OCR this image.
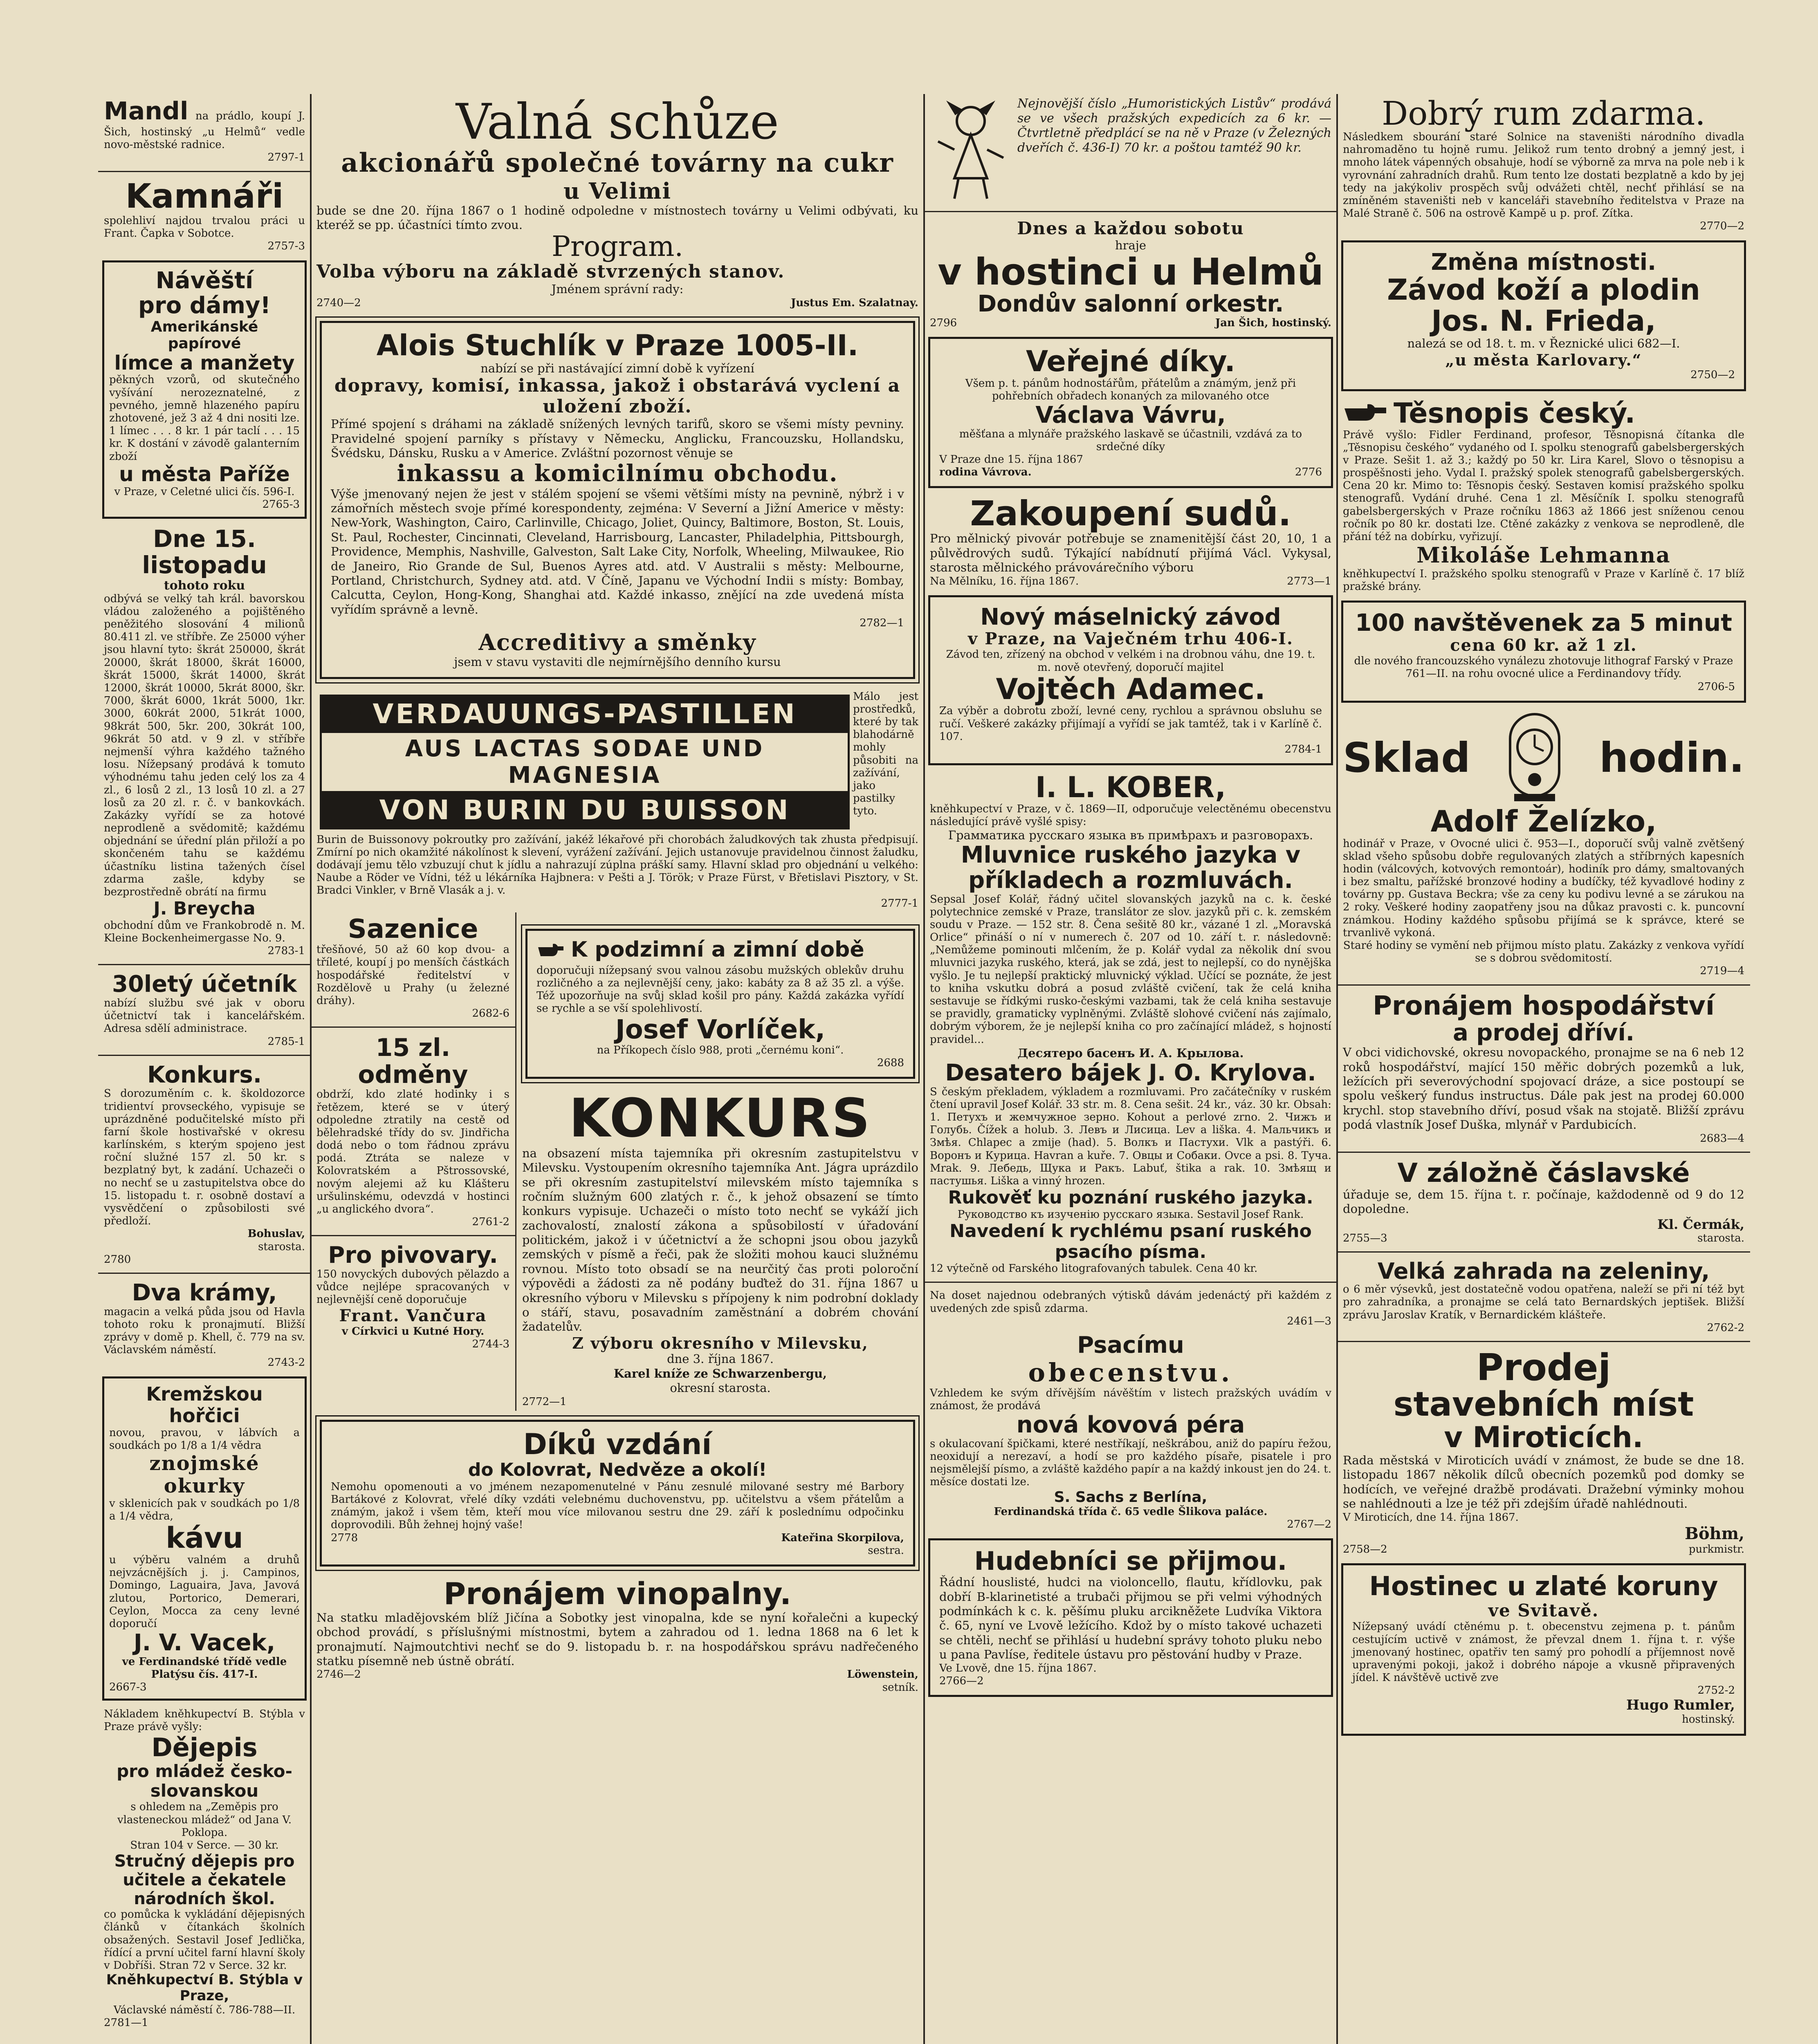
Mandl na prádlo, koupí J. Šich, hostinský „u Helmů“ vedle novo-městské radnice.
2797-1
Kamnáři
spolehliví najdou trvalou práci u Frant. Čapka v Sobotce.
2757-3
Návěští
pro dámy!
Amerikánské
papírové
límce a manžety
pěkných vzorů, od skutečného vyšívání nerozeznatelné, z pevného, jemně hlazeného papíru zhotovené, jež 3 až 4 dni nositi lze. 1 límec . . . 8 kr. 1 pár taclí . . . 15 kr. K dostání v závodě galanterním zboží
u města Paříže
v Praze, v Celetné ulici čís. 596-I.
2765-3
Dne 15. listopadu
tohoto roku
odbývá se velký tah král. bavorskou vládou založeného a pojištěného peněžitého slosování 4 milionů 80.411 zl. ve stříbře. Ze 25000 výher jsou hlavní tyto: škrát 250000, škrát 20000, škrát 18000, škrát 16000, škrát 15000, škrát 14000, škrát 12000, škrát 10000, 5krát 8000, škr. 7000, škrát 6000, 1krát 5000, 1kr. 3000, 60krát 2000, 51krát 1000, 98krát 500, 5kr. 200, 30krát 100, 96krát 50 atd. v 9 zl. v stříbře nejmenší výhra každého tažného losu. Nížepsaný prodává k tomuto výhodnému tahu jeden celý los za 4 zl., 6 losů 2 zl., 13 losů 10 zl. a 27 losů za 20 zl. r. č. v bankovkách. Zakázky vyřídí se za hotové neprodleně a svědomitě; každému objednání se úřední plán přiloží a po skončeném tahu se každému účastníku listina tažených čísel zdarma zašle, kdyby se bezprostředně obrátí na firmu
J. Breycha
obchodní dům ve Frankobrodě n. M. Kleine Bockenheimergasse No. 9.
2783-1
30letý účetník
nabízí službu své jak v oboru účetnictví tak i kancelářském. Adresa sdělí administrace.
2785-1
Konkurs.
S dorozuměním c. k. školdozorce tridientví provseckého, vypisuje se uprázdněné podučitelské místo při farní škole hostivařské v okresu karlínském, s kterým spojeno jest roční služné 157 zl. 50 kr. s bezplatný byt, k zadání. Uchazeči o no nechť se u zastupitelstva obce do 15. listopadu t. r. osobně dostaví a vysvědčení o způsobilosti své předloží.
Bohuslav,
starosta.
2780
Dva krámy,
magacin a velká půda jsou od Havla tohoto roku k pronajmutí. Bližší zprávy v domě p. Khell, č. 779 na sv. Václavském náměstí.
2743-2
Kremžskou hořčici
novou, pravou, v lábvích a soudkách po 1/8 a 1/4 vědra
znojmské okurky
v sklenicích pak v soudkách po 1/8 a 1/4 vědra,
kávu
u výběru valném a druhů nejvzácnějších j. j. Campinos, Domingo, Laguaira, Java, Javová zlutou, Portorico, Demerari, Ceylon, Mocca za ceny levné doporučí
J. V. Vacek,
ve Ferdinandské třídě vedle Platýsu čís. 417-I.
2667-3
Nákladem kněhkupectví B. Stýbla v Praze právě vyšly:
Dějepis
pro mládež česko-slovanskou
s ohledem na „Zeměpis pro vlasteneckou mládež“ od Jana V. Poklopa.
Stran 104 v Serce. — 30 kr.
Stručný dějepis pro učitele a čekatele národních škol.
co pomůcka k vykládání dějepisných článků v čítankách školních obsažených. Sestavil Josef Jedlička, řídící a první učitel farní hlavní školy v Dobříši. Stran 72 v Serce. 32 kr.
Kněhkupectví B. Stýbla v Praze,
Václavské náměstí č. 786-788—II.
2781—1
Valná schůze
akcionářů společné továrny na cukr
u Velimi
bude se dne 20. října 1867 o 1 hodině odpoledne v místnostech továrny u Velimi odbývati, ku kteréž se pp. účastníci tímto zvou.
Program.
Volba výboru na základě stvrzených stanov.
Jménem správní rady:
2740—2	Justus Em. Szalatnay.
Alois Stuchlík v Praze 1005-II.
nabízí se při nastávající zimní době k vyřízení
dopravy, komisí, inkassa, jakož i obstarává vyclení a uložení zboží.
Přímé spojení s dráhami na základě snížených levných tarifů, skoro se všemi místy pevniny. Pravidelné spojení parníky s přístavy v Německu, Anglicku, Francouzsku, Hollandsku, Švédsku, Dánsku, Rusku a v Americe. Zvláštní pozornost věnuje se
inkassu a komicilnímu obchodu.
Výše jmenovaný nejen že jest v stálém spojení se všemi většími místy na pevnině, nýbrž i v zámořních městech svoje přímé korespondenty, zejména: V Severní a Jižní Americe v městy: New-York, Washington, Cairo, Carlinville, Chicago, Joliet, Quincy, Baltimore, Boston, St. Louis, St. Paul, Rochester, Cincinnati, Cleveland, Harrisbourg, Lancaster, Philadelphia, Pittsbourgh, Providence, Memphis, Nashville, Galveston, Salt Lake City, Norfolk, Wheeling, Milwaukee, Rio de Janeiro, Rio Grande de Sul, Buenos Ayres atd. atd. V Australii s městy: Melbourne, Portland, Christchurch, Sydney atd. atd. V Číně, Japanu ve Východní Indii s místy: Bombay, Calcutta, Ceylon, Hong-Kong, Shanghai atd. Každé inkasso, znějící na zde uvedená místa vyřídím správně a levně.
2782—1
Accreditivy a směnky
jsem v stavu vystaviti dle nejmírnějšího denního kursu
VERDAUUNGS-PASTILLEN
AUS LACTAS SODAE UND MAGNESIA
VON BURIN DU BUISSON
Málo jest prostředků, které by tak blahodárně mohly působiti na zažívání, jako pastilky tyto.
Burin de Buissonovy pokroutky pro zažívání, jakéž lékařové při chorobách žaludkových tak zhusta předpisují. Zmírní po nich okamžité nákolínost k slevení, vyrážení zažívání. Jejich ustanovuje pravidelnou činnost žaludku, dodávají jemu tělo vzbuzují chut k jídlu a nahrazují zúplna práškí samy. Hlavní sklad pro objednání u velkého: Naube a Röder ve Vídni, též u lékárníka Hajbnera: v Pešti a J. Török; v Praze Fürst, v Břetislavi Pisztory, v St. Bradci Vinkler, v Brně Vlasák a j. v.
2777-1
Sazenice
třešňové, 50 až 60 kop dvou- a tříleté, koupí j po menších částkách hospodářské ředitelství v Rozdělově u Prahy (u železné dráhy).
2682-6
15 zl. odměny
obdrží, kdo zlaté hodinky i s řetězem, které se v úterý odpoledne ztratily na cestě od bělehradské třídy do sv. Jindřicha dodá nebo o tom řádnou zprávu podá. Ztráta se naleze v Kolovratském a Pštrossovské, novým alejemi až ku Klášteru uršulinskému, odevzdá v hostinci „u anglického dvora“.
2761-2
Pro pivovary.
150 novyckých dubových pělazdo a vůdce nejlépe spracovaných v nejlevnější ceně doporučuje
Frant. Vančura
v Církvici u Kutné Hory.
2744-3
K podzimní a zimní době
doporučuji nížepsaný svou valnou zásobu mužských oblekův druhu rozličného a za nejlevnější ceny, jako: kabáty za 8 až 35 zl. a výše. Též upozorňuje na svůj sklad košil pro pány. Každá zakázka vyřídí se rychle a se vší spolehlivostí.
Josef Vorlíček,
na Příkopech číslo 988, proti „černému koni“.
2688
KONKURS
na obsazení místa tajemníka při okresním zastupitelstvu v Milevsku. Vystoupením okresního tajemníka Ant. Jágra uprázdilo se při okresním zastupitelství milevském místo tajemníka s ročním služným 600 zlatých r. č., k jehož obsazení se tímto konkurs vypisuje. Uchazeči o místo toto nechť se vykáží jich zachovalostí, znalostí zákona a spůsobilostí v úřadování politickém, jakož i v účetnictví a že schopni jsou obou jazyků zemských v písmě a řeči, pak že složiti mohou kauci služnému rovnou. Místo toto obsadí se na neurčitý čas proti poloroční výpovědi a žádosti za ně podány buďtež do 31. října 1867 u okresního výboru v Milevsku s přípojeny k nim podrobní doklady o stáří, stavu, posavadním zaměstnání a dobrém chování žadatelův.
Z výboru okresního v Milevsku,
dne 3. října 1867.
Karel kníže ze Schwarzenbergu,
okresní starosta.
2772—1
Díků vzdání
do Kolovrat, Nedvěze a okolí!
Nemohu opomenouti a vo jménem nezapomenutelné v Pánu zesnulé milované sestry mé Barbory Bartákové z Kolovrat, vřelé díky vzdáti velebnému duchovenstvu, pp. učitelstvu a všem přátelům a známým, jakož i všem těm, kteří mou více milovanou sestru dne 29. září k poslednímu odpočinku doprovodili. Bůh žehnej hojný vaše!
2778	Kateřina Skorpilova,
sestra.
Pronájem vinopalny.
Na statku mladějovském blíž Jičína a Sobotky jest vinopalna, kde se nyní kořalečni a kupecký obchod provádí, s příslušnými místnostmi, bytem a zahradou od 1. ledna 1868 na 6 let k pronajmutí. Najmoutchtivi nechť se do 9. listopadu b. r. na hospodářskou správu nadřečeného statku písemně neb ústně obrátí.
2746—2	Löwenstein,
setník.
Nejnovější číslo „Humoristických Listův“ prodává se ve všech pražských expedicích za 6 kr. — Čtvrtletně předplácí se na ně v Praze (v Železných dveřích č. 436-I) 70 kr. a poštou tamtéž 90 kr.
Dnes a každou sobotu
hraje
v hostinci u Helmů
Dondův salonní orkestr.
2796	Jan Šich, hostinský.
Veřejné díky.
Všem p. t. pánům hodnostářům, přátelům a známým, jenž při pohřebních obřadech konaných za milovaného otce
Václava Vávru,
měšťana a mlynáře pražského laskavě se účastnili, vzdává za to srdečné díky
V Praze dne 15. října 1867
rodina Vávrova.	2776
Zakoupení sudů.
Pro mělnický pivovár potřebuje se znamenitější část 20, 10, 1 a půlvědrových sudů. Týkající nabídnutí přijímá Václ. Vykysal, starosta mělnického právovárečního výboru
Na Mělníku, 16. října 1867.	2773—1
Nový máselnický závod
v Praze, na Vaječném trhu 406-I.
Závod ten, zřízený na obchod v velkém i na drobnou váhu, dne 19. t. m. nově otevřený, doporučí majitel
Vojtěch Adamec.
Za výběr a dobrotu zboží, levné ceny, rychlou a správnou obsluhu se ručí. Veškeré zakázky přijímají a vyřídí se jak tamtéž, tak i v Karlíně č. 107.
2784-1
I. L. KOBER,
kněhkupectví v Praze, v č. 1869—II, odporučuje velectěnému obecenstvu následující právě vyšlé spisy:
Грамматика русскаго языка въ примѣрахъ и разговорахъ.
Mluvnice ruského jazyka v příkladech a rozmluvách.
Sepsal Josef Kolář, řádný učitel slovanských jazyků na c. k. české polytechnice zemské v Praze, translátor ze slov. jazyků při c. k. zemském soudu v Praze. — 152 str. 8. Čena sešitě 80 kr., vázané 1 zl. „Moravská Orlice“ přináší o ní v numerech č. 207 od 10. září t. r. následovně: „Nemůžeme pominouti mlčením, že p. Kolář vydal za několik dní svou mluvnici jazyka ruského, která, jak se zdá, jest to nejlepší, co do nynějška vyšlo. Je tu nejlepší praktický mluvnický výklad. Učící se poznáte, že jest to kniha vskutku dobrá a posud zvláště cvičení, tak že celá kniha sestavuje se řídkými rusko-českými vazbami, tak že celá kniha sestavuje se pravidly, gramaticky vyplněnými. Zvláště slohové cvičení nás zajímalo, dobrým výborem, že je nejlepší kniha co pro začínající mládež, s hojností pravidel...
Десятеро басенъ И. А. Крылова.
Desatero bájek J. O. Krylova.
S českým překladem, výkladem a rozmluvami. Pro začátečníky v ruském čtení upravil Josef Kolář. 33 str. m. 8. Cena sešit. 24 kr., váz. 30 kr. Obsah: 1. Петухъ и жемчужное зерно. Kohout a perlové zrno. 2. Чижъ и Голубь. Čížek a holub. 3. Левъ и Лисица. Lev a liška. 4. Мальчикъ и Змѣя. Chlapec a zmije (had). 5. Волкъ и Пастухи. Vlk a pastýři. 6. Воронъ и Курица. Havran a kuře. 7. Овцы и Собаки. Ovce a psi. 8. Туча. Mrak. 9. Лебедь, Щука и Ракъ. Labuť, štika a rak. 10. Змѣящ и пастушья. Liška a vinný hrozen.
Rukověť ku poznání ruského jazyka.
Руководство къ изученію русскаго языка. Sestavil Josef Rank.
Navedení k rychlému psaní ruského psacího písma.
12 výtečně od Farského litografovaných tabulek. Cena 40 kr.
Na doset najednou odebraných výtisků dávám jedenáctý při každém z uvedených zde spisů zdarma.
2461—3
Psacímu
obecenstvu.
Vzhledem ke svým dřívějším návěštím v listech pražských uvádím v známost, že prodává
nová kovová péra
s okulacovaní špičkami, které nestříkají, neškrábou, aniž do papíru řežou, neoxidují a nerezaví, a hodí se pro každého písaře, pisatele i pro nejsmělejší písmo, a zvláště každého papír a na každý inkoust jen do 24. t. měsíce dostati lze.
S. Sachs z Berlína,
Ferdinandská třída č. 65 vedle Šlikova paláce.
2767—2
Hudebníci se přijmou.
Řádní houslisté, hudci na violoncello, flautu, křídlovku, pak dobří B-klarinetisté a trubači přijmou se při velmi výhodných podmínkách k c. k. pěšímu pluku arcikněžete Ludvíka Viktora č. 65, nyní ve Lvově ležícího. Kdož by o místo takové uchazeti se chtěli, nechť se přihlásí u hudební správy tohoto pluku nebo u pana Pavlíse, ředitele ústavu pro pěstování hudby v Praze.
Ve Lvově, dne 15. října 1867.
2766—2
Dobrý rum zdarma.
Následkem sbourání staré Solnice na staveništi národního divadla nahromaděno tu hojně rumu. Jelikož rum tento drobný a jemný jest, i mnoho látek vápenných obsahuje, hodí se výborně za mrva na pole neb i k vyrovnání zahradních drahů. Rum tento lze dostati bezplatně a kdo by jej tedy na jakýkoliv prospěch svůj odvážeti chtěl, nechť přihlásí se na zmíněném staveništi neb v kanceláři stavebního ředitelstva v Praze na Malé Straně č. 506 na ostrově Kampě u p. prof. Zítka.
2770—2
Změna místnosti.
Závod koží a plodin
Jos. N. Frieda,
nalezá se od 18. t. m. v Řeznické ulici 682—I.
„u města Karlovary.“
2750—2
Těsnopis český.
Právě vyšlo: Fidler Ferdinand, profesor, Těsnopisná čítanka dle „Těsnopisu českého“ vydaného od I. spolku stenografů gabelsbergerských v Praze. Sešit 1. až 3.; každý po 50 kr. Lira Karel, Slovo o těsnopisu a prospěšnosti jeho. Vydal I. pražský spolek stenografů gabelsbergerských. Cena 20 kr. Mimo to: Těsnopis český. Sestaven komisí pražského spolku stenografů. Vydání druhé. Cena 1 zl. Měsíčník I. spolku stenografů gabelsbergerských v Praze ročníku 1863 až 1866 jest sníženou cenou ročník po 80 kr. dostati lze. Ctěné zakázky z venkova se neprodleně, dle přání též na dobírku, vyřizují.
Mikoláše Lehmanna
kněhkupectví I. pražského spolku stenografů v Praze v Karlíně č. 17 blíž pražské brány.
100 navštěvenek za 5 minut
cena 60 kr. až 1 zl.
dle nového francouzského vynálezu zhotovuje lithograf Farský v Praze 761—II. na rohu ovocné ulice a Ferdinandovy třídy.
2706-5
Sklad	hodin.
Adolf Želízko,
hodinář v Praze, v Ovocné ulici č. 953—I., doporučí svůj valně zvětšený sklad všeho spůsobu dobře regulovaných zlatých a stříbrných kapesních hodin (válcových, kotvových remontoár), hodiník pro dámy, smaltovaných i bez smaltu, pařížské bronzové hodiny a budíčky, též kyvadlové hodiny z továrny pp. Gustava Beckra; vše za ceny ku podivu levné a se zárukou na 2 roky. Veškeré hodiny zaopatřeny jsou na důkaz pravosti c. k. puncovní známkou. Hodiny každého spůsobu přijímá se k správce, které se trvanlivě vykoná.
Staré hodiny se vymění neb přijmou místo platu. Zakázky z venkova vyřídí se s dobrou svědomitostí.
2719—4
Pronájem hospodářství
a prodej dříví.
V obci vidichovské, okresu novopackého, pronajme se na 6 neb 12 roků hospodářství, mající 150 měřic dobrých pozemků a luk, ležících při severovýchodní spojovací dráze, a sice postoupí se spolu veškerý fundus instructus. Dále pak jest na prodej 60.000 krychl. stop stavebního dříví, posud však na stojatě. Bližší zprávu podá vlastník Josef Duška, mlynář v Pardubicích.
2683—4
V záložně čáslavské
úřaduje se, dem 15. října t. r. počínaje, každodenně od 9 do 12 dopoledne.
Kl. Čermák,
2755—3	starosta.
Velká zahrada na zeleniny,
o 6 měr výsevků, jest dostatečně vodou opatřena, naleží se při ní též byt pro zahradníka, a pronajme se celá tato Bernardských jeptišek. Bližší zprávu Jaroslav Kratík, v Bernardickém klášteře.
2762-2
Prodej
stavebních míst
v Miroticích.
Rada městská v Miroticích uvádí v známost, že bude se dne 18. listopadu 1867 několik dílců obecních pozemků pod domky se hodících, ve veřejné dražbě prodávati. Dražební výminky mohou se nahlédnouti a lze je též při zdejším úřadě nahlédnouti.
V Miroticích, dne 14. října 1867.
Böhm,
2758—2	purkmistr.
Hostinec u zlaté koruny
ve Svitavě.
Nížepsaný uvádí ctěnému p. t. obecenstvu zejmena p. t. pánům cestujícím uctivě v známost, že převzal dnem 1. října t. r. výše jmenovaný hostinec, opatřiv ten samý pro pohodlí a příjemnost nově upravenými pokoji, jakož i dobrého nápoje a vkusně připravených jídel. K návštěvě uctivě zve
2752-2
Hugo Rumler,
hostinský.
